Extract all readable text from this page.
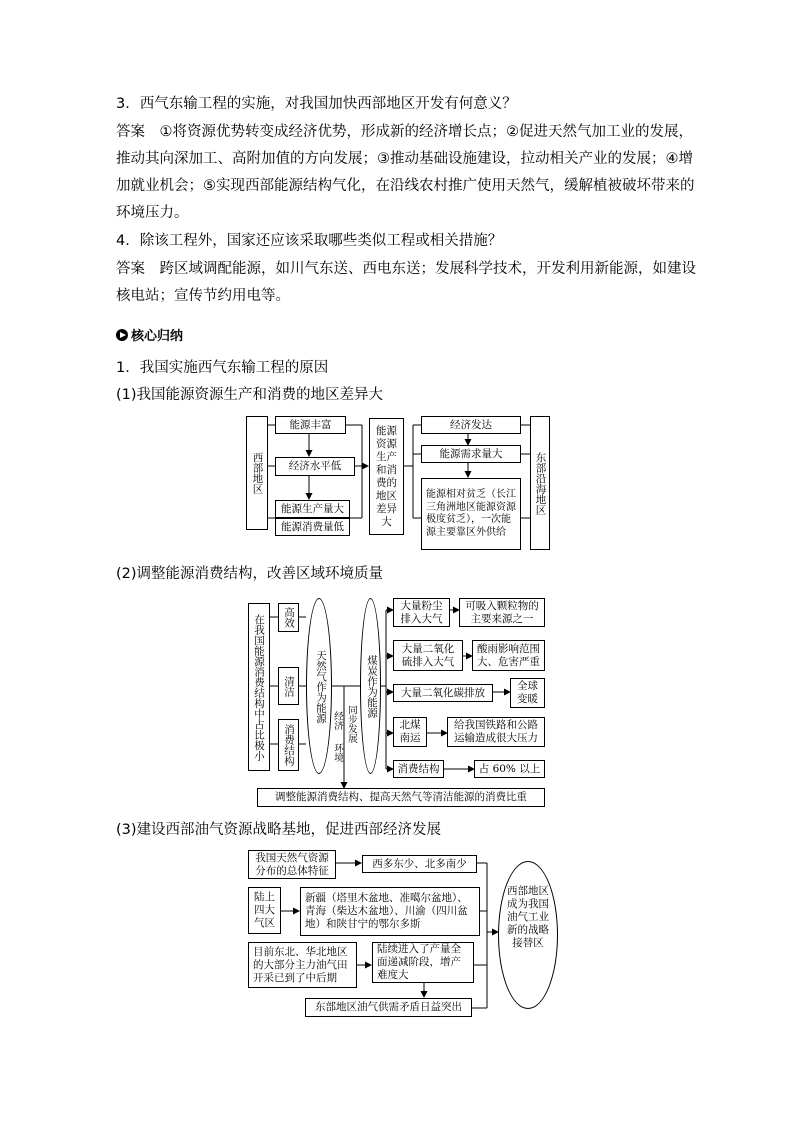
3．西气东输工程的实施，对我国加快西部地区开发有何意义？
答案　①将资源优势转变成经济优势，形成新的经济增长点；②促进天然气加工业的发展，
推动其向深加工、高附加值的方向发展；③推动基础设施建设，拉动相关产业的发展；④增
加就业机会；⑤实现西部能源结构气化，在沿线农村推广使用天然气，缓解植被破坏带来的
环境压力。
4．除该工程外，国家还应该采取哪些类似工程或相关措施？
答案　跨区域调配能源，如川气东送、西电东送；发展科学技术，开发利用新能源，如建设
核电站；宣传节约用电等。
核心归纳
1．我国实施西气东输工程的原因
(1)我国能源资源生产和消费的地区差异大
西部地区
能源丰富
经济水平低
能源生产量大
能源消费量低
能源资源生产和消费的地区差异大
经济发达
能源需求量大
能源相对贫乏（长江三角洲地区能源资源极度贫乏），一次能源主要靠区外供给
东部沿海地区
(2)调整能源消费结构，改善区域环境质量
在我国能源消费结构中占比极小	高效
清洁
消费结构
天然气作为能源 经济
环境
同步发展
煤炭作为能源
大量粉尘排入大气
可吸入颗粒物的主要来源之一
大量二氧化硫排入大气
酸雨影响范围大、危害严重
大量二氧化碳排放
全球变暖
北煤南运
给我国铁路和公路运输造成很大压力
消费结构	占 60% 以上
调整能源消费结构、提高天然气等清洁能源的消费比重
(3)建设西部油气资源战略基地，促进西部经济发展
我国天然气资源分布的总体特征
西多东少、北多南少
陆上四大气区
新疆（塔里木盆地、准噶尔盆地）、青海（柴达木盆地）、川渝（四川盆地）和陕甘宁的鄂尔多斯
目前东北、华北地区的大部分主力油气田开采已到了中后期
陆续进入了产量全面递减阶段，增产难度大
东部地区油气供需矛盾日益突出
西部地区成为我国油气工业新的战略接替区
